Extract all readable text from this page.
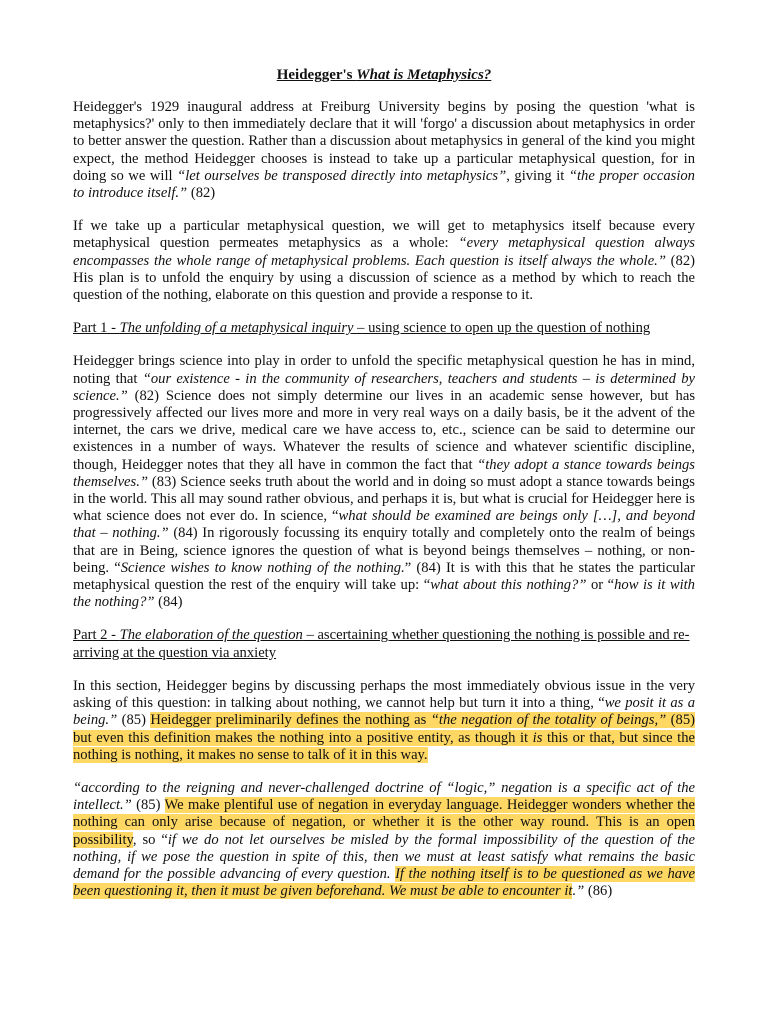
Heidegger's What is Metaphysics?

Heidegger's 1929 inaugural address at Freiburg University begins by posing the question 'what is metaphysics?' only to then immediately declare that it will 'forgo' a discussion about metaphysics in order to better answer the question. Rather than a discussion about metaphysics in general of the kind you might expect, the method Heidegger chooses is instead to take up a particular metaphysical question, for in doing so we will “let ourselves be transposed directly into metaphysics”, giving it “the proper occasion to introduce itself.” (82)

If we take up a particular metaphysical question, we will get to metaphysics itself because every metaphysical question permeates metaphysics as a whole: “every metaphysical question always encompasses the whole range of metaphysical problems. Each question is itself always the whole.” (82) His plan is to unfold the enquiry by using a discussion of science as a method by which to reach the question of the nothing, elaborate on this question and provide a response to it.

Part 1 - The unfolding of a metaphysical inquiry – using science to open up the question of nothing

Heidegger brings science into play in order to unfold the specific metaphysical question he has in mind, noting that “our existence - in the community of researchers, teachers and students – is determined by science.” (82) Science does not simply determine our lives in an academic sense however, but has progressively affected our lives more and more in very real ways on a daily basis, be it the advent of the internet, the cars we drive, medical care we have access to, etc., science can be said to determine our existences in a number of ways. Whatever the results of science and whatever scientific discipline, though, Heidegger notes that they all have in common the fact that “they adopt a stance towards beings themselves.” (83) Science seeks truth about the world and in doing so must adopt a stance towards beings in the world. This all may sound rather obvious, and perhaps it is, but what is crucial for Heidegger here is what science does not ever do. In science, “what should be examined are beings only […], and beyond that – nothing.” (84) In rigorously focussing its enquiry totally and completely onto the realm of beings that are in Being, science ignores the question of what is beyond beings themselves – nothing, or non-being. “Science wishes to know nothing of the nothing.” (84) It is with this that he states the particular metaphysical question the rest of the enquiry will take up: “what about this nothing?” or “how is it with the nothing?” (84)

Part 2 - The elaboration of the question – ascertaining whether questioning the nothing is possible and re-arriving at the question via anxiety

In this section, Heidegger begins by discussing perhaps the most immediately obvious issue in the very asking of this question: in talking about nothing, we cannot help but turn it into a thing, “we posit it as a being.” (85) Heidegger preliminarily defines the nothing as “the negation of the totality of beings,” (85) but even this definition makes the nothing into a positive entity, as though it is this or that, but since the nothing is nothing, it makes no sense to talk of it in this way.

“according to the reigning and never-challenged doctrine of “logic,” negation is a specific act of the intellect.” (85) We make plentiful use of negation in everyday language. Heidegger wonders whether the nothing can only arise because of negation, or whether it is the other way round. This is an open possibility, so “if we do not let ourselves be misled by the formal impossibility of the question of the nothing, if we pose the question in spite of this, then we must at least satisfy what remains the basic demand for the possible advancing of every question. If the nothing itself is to be questioned as we have been questioning it, then it must be given beforehand. We must be able to encounter it.” (86)
